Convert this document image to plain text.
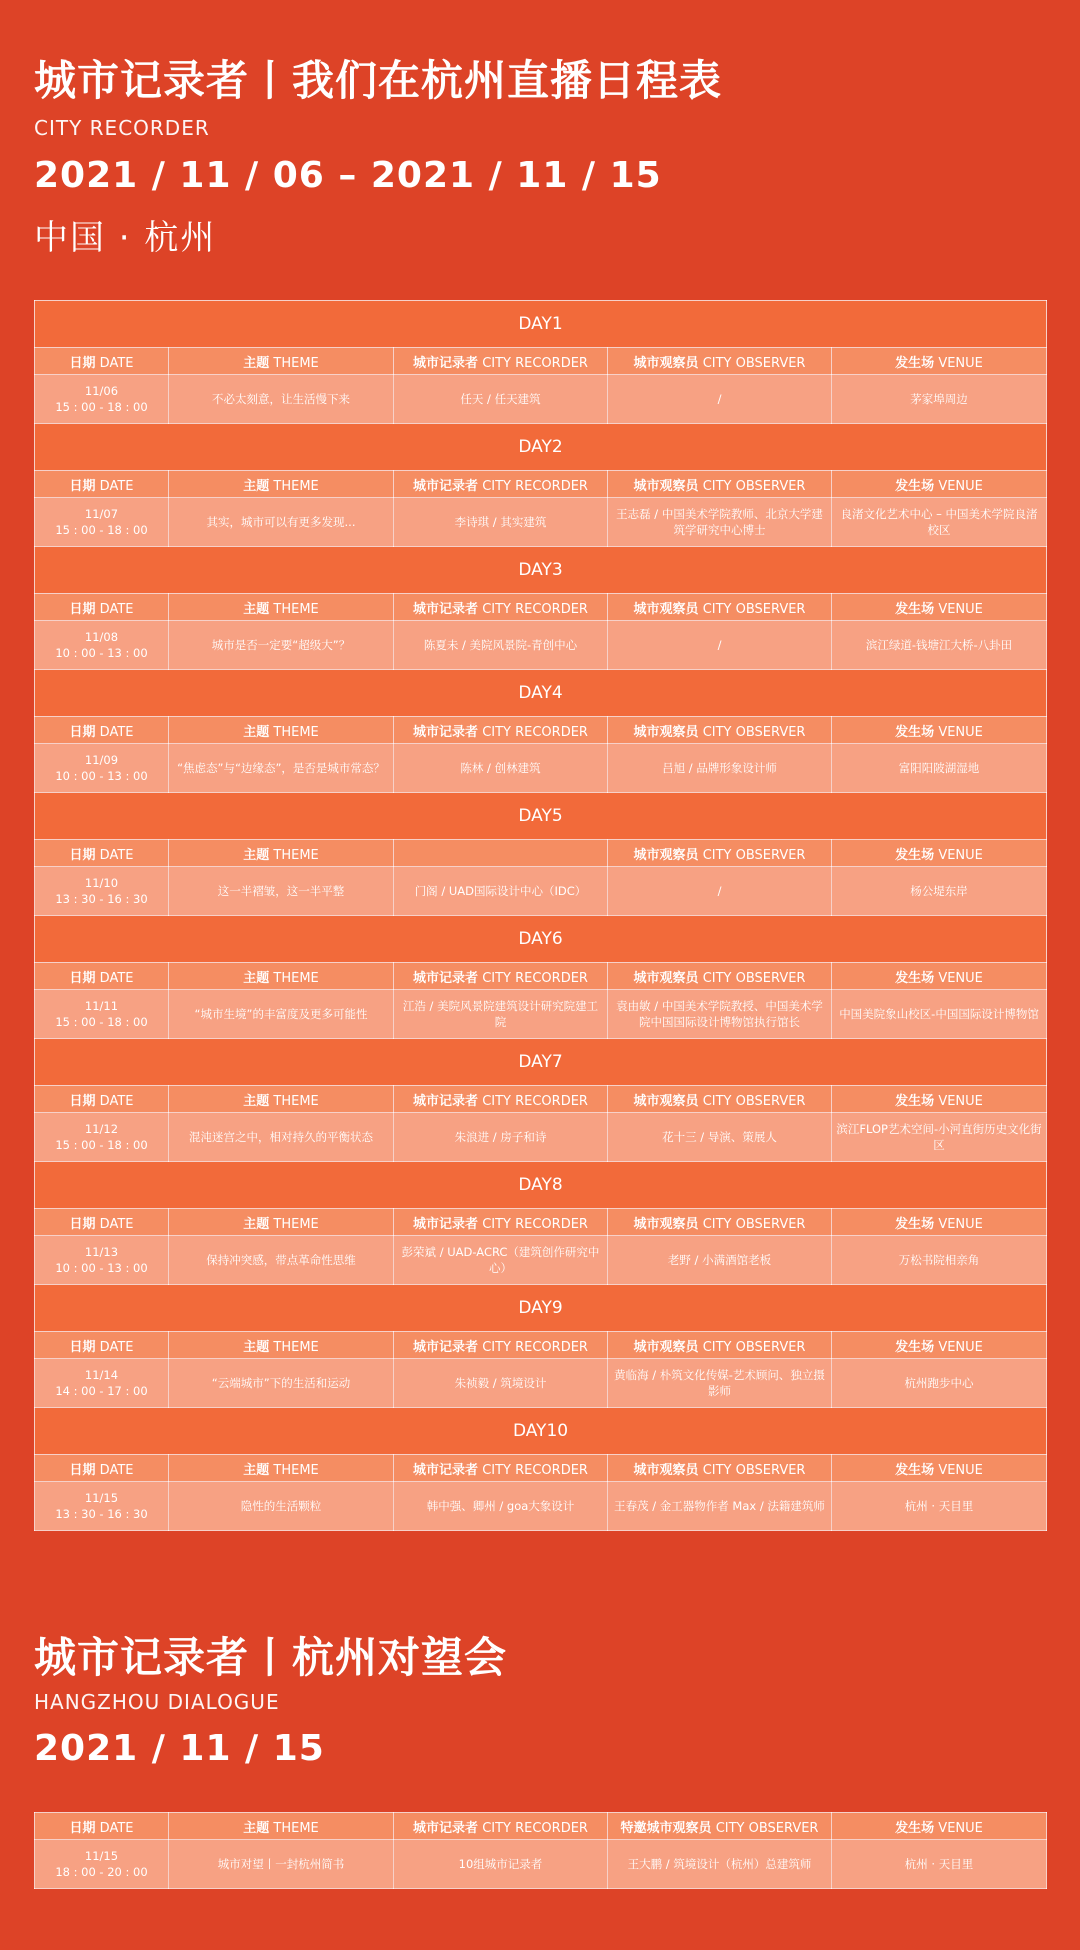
城市记录者丨我们在杭州直播日程表
CITY RECORDER
2021 / 11 / 06 – 2021 / 11 / 15
中国 · 杭州
DAY1				
日期 DATE	主题 THEME	城市记录者 CITY RECORDER	城市观察员 CITY OBSERVER	发生场 VENUE
11/06
15 : 00 - 18 : 00	不必太刻意，让生活慢下来	任天 / 任天建筑	/	茅家埠周边
DAY2				
日期 DATE	主题 THEME	城市记录者 CITY RECORDER	城市观察员 CITY OBSERVER	发生场 VENUE
11/07
15 : 00 - 18 : 00	其实，城市可以有更多发现...	李诗琪 / 其实建筑	王志磊 / 中国美术学院教师、北京大学建筑学研究中心博士	良渚文化艺术中心 – 中国美术学院良渚校区
DAY3				
日期 DATE	主题 THEME	城市记录者 CITY RECORDER	城市观察员 CITY OBSERVER	发生场 VENUE
11/08
10 : 00 - 13 : 00	城市是否一定要“超级大”？	陈夏未 / 美院风景院-青创中心	/	滨江绿道-钱塘江大桥-八卦田
DAY4				
日期 DATE	主题 THEME	城市记录者 CITY RECORDER	城市观察员 CITY OBSERVER	发生场 VENUE
11/09
10 : 00 - 13 : 00	“焦虑态”与“边缘态”，是否是城市常态？	陈林 / 创林建筑	吕旭 / 品牌形象设计师	富阳阳陂湖湿地
DAY5				
日期 DATE	主题 THEME		城市观察员 CITY OBSERVER	发生场 VENUE
11/10
13 : 30 - 16 : 30	这一半褶皱，这一半平整	门阁 / UAD国际设计中心（IDC）	/	杨公堤东岸
DAY6				
日期 DATE	主题 THEME	城市记录者 CITY RECORDER	城市观察员 CITY OBSERVER	发生场 VENUE
11/11
15 : 00 - 18 : 00	“城市生境”的丰富度及更多可能性	江浩 / 美院风景院建筑设计研究院建工院	袁由敏 / 中国美术学院教授、中国美术学院中国国际设计博物馆执行馆长	中国美院象山校区-中国国际设计博物馆
DAY7				
日期 DATE	主题 THEME	城市记录者 CITY RECORDER	城市观察员 CITY OBSERVER	发生场 VENUE
11/12
15 : 00 - 18 : 00	混沌迷宫之中，相对持久的平衡状态	朱浪进 / 房子和诗	花十三 / 导演、策展人	滨江FLOP艺术空间-小河直街历史文化街区
DAY8				
日期 DATE	主题 THEME	城市记录者 CITY RECORDER	城市观察员 CITY OBSERVER	发生场 VENUE
11/13
10 : 00 - 13 : 00	保持冲突感，带点革命性思维	彭荣斌 / UAD-ACRC（建筑创作研究中心）	老野 / 小满酒馆老板	万松书院相亲角
DAY9				
日期 DATE	主题 THEME	城市记录者 CITY RECORDER	城市观察员 CITY OBSERVER	发生场 VENUE
11/14
14 : 00 - 17 : 00	“云端城市”下的生活和运动	朱祯毅 / 筑境设计	黄临海 / 朴筑文化传媒-艺术顾问、独立摄影师	杭州跑步中心
DAY10				
日期 DATE	主题 THEME	城市记录者 CITY RECORDER	城市观察员 CITY OBSERVER	发生场 VENUE
11/15
13 : 30 - 16 : 30	隐性的生活颗粒	韩中强、卿州 / goa大象设计	王春茂 / 金工器物作者 Max / 法籍建筑师	杭州 · 天目里
城市记录者丨杭州对望会
HANGZHOU DIALOGUE
2021 / 11 / 15
日期 DATE	主题 THEME	城市记录者 CITY RECORDER	特邀城市观察员 CITY OBSERVER	发生场 VENUE
11/15
18 : 00 - 20 : 00	城市对望丨一封杭州简书	10组城市记录者	王大鹏 / 筑境设计（杭州）总建筑师	杭州 · 天目里
